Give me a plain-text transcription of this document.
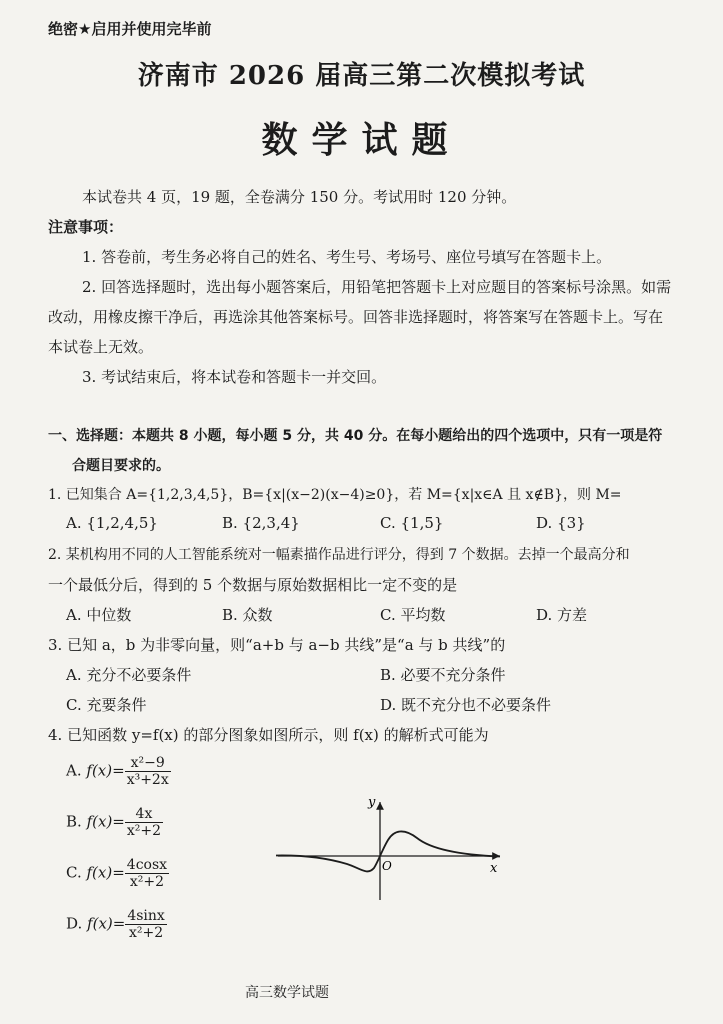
绝密★启用并使用完毕前
济南市 2026 届高三第二次模拟考试
数学试题
本试卷共 4 页，19 题，全卷满分 150 分。考试用时 120 分钟。
注意事项：
1. 答卷前，考生务必将自己的姓名、考生号、考场号、座位号填写在答题卡上。
2. 回答选择题时，选出每小题答案后，用铅笔把答题卡上对应题目的答案标号涂黑。如需
改动，用橡皮擦干净后，再选涂其他答案标号。回答非选择题时，将答案写在答题卡上。写在
本试卷上无效。
3. 考试结束后，将本试卷和答题卡一并交回。
一、选择题：本题共 8 小题，每小题 5 分，共 40 分。在每小题给出的四个选项中，只有一项是符
合题目要求的。
1. 已知集合 A={1,2,3,4,5}，B={x|(x−2)(x−4)≥0}，若 M={x|x∈A 且 x∉B}，则 M=
A. {1,2,4,5}	B. {2,3,4}	C. {1,5}	D. {3}
2. 某机构用不同的人工智能系统对一幅素描作品进行评分，得到 7 个数据。去掉一个最高分和
一个最低分后，得到的 5 个数据与原始数据相比一定不变的是
A. 中位数	B. 众数	C. 平均数	D. 方差
3. 已知 a，b 为非零向量，则“a+b 与 a−b 共线”是“a 与 b 共线”的
A. 充分不必要条件	B. 必要不充分条件
C. 充要条件	D. 既不充分也不必要条件
4. 已知函数 y=f(x) 的部分图象如图所示，则 f(x) 的解析式可能为
A. $f(x)= \frac{\text{x²−9}}{\text{x³+2x}}$
B. $f(x)= \frac{4x}{\text{x²+2}}$
C. $f(x)= \frac{4\cos x}{\text{x²+2}}$
D. $f(x)= \frac{4\sin x}{\text{x²+2}}$
y
x
O
高三数学试题
